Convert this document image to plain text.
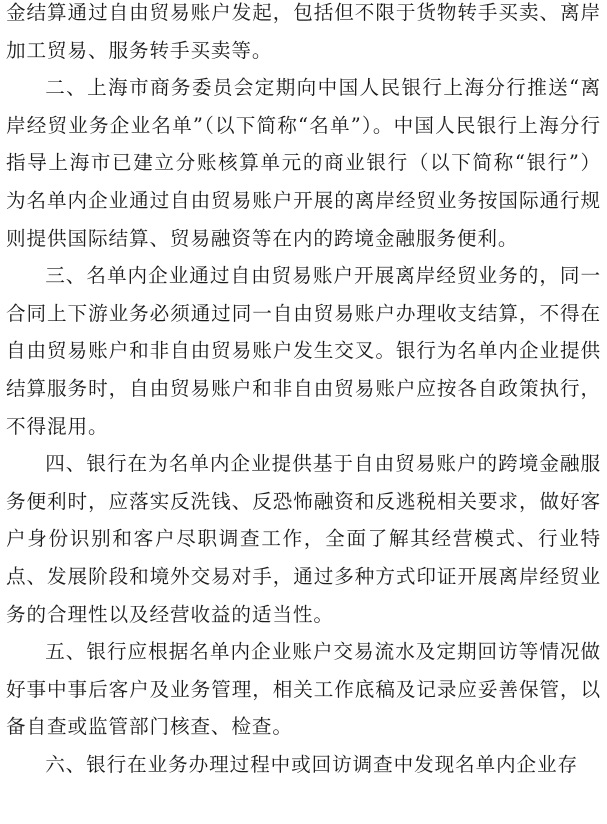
金结算通过自由贸易账户发起，包括但不限于货物转手买卖、离岸加工贸易、服务转手买卖等。

二、上海市商务委员会定期向中国人民银行上海分行推送“离岸经贸业务企业名单”（以下简称“名单”）。中国人民银行上海分行指导上海市已建立分账核算单元的商业银行（以下简称“银行”）为名单内企业通过自由贸易账户开展的离岸经贸业务按国际通行规则提供国际结算、贸易融资等在内的跨境金融服务便利。

三、名单内企业通过自由贸易账户开展离岸经贸业务的，同一合同上下游业务必须通过同一自由贸易账户办理收支结算，不得在自由贸易账户和非自由贸易账户发生交叉。银行为名单内企业提供结算服务时，自由贸易账户和非自由贸易账户应按各自政策执行，不得混用。

四、银行在为名单内企业提供基于自由贸易账户的跨境金融服务便利时，应落实反洗钱、反恐怖融资和反逃税相关要求，做好客户身份识别和客户尽职调查工作，全面了解其经营模式、行业特点、发展阶段和境外交易对手，通过多种方式印证开展离岸经贸业务的合理性以及经营收益的适当性。

五、银行应根据名单内企业账户交易流水及定期回访等情况做好事中事后客户及业务管理，相关工作底稿及记录应妥善保管，以备自查或监管部门核查、检查。

六、银行在业务办理过程中或回访调查中发现名单内企业存
